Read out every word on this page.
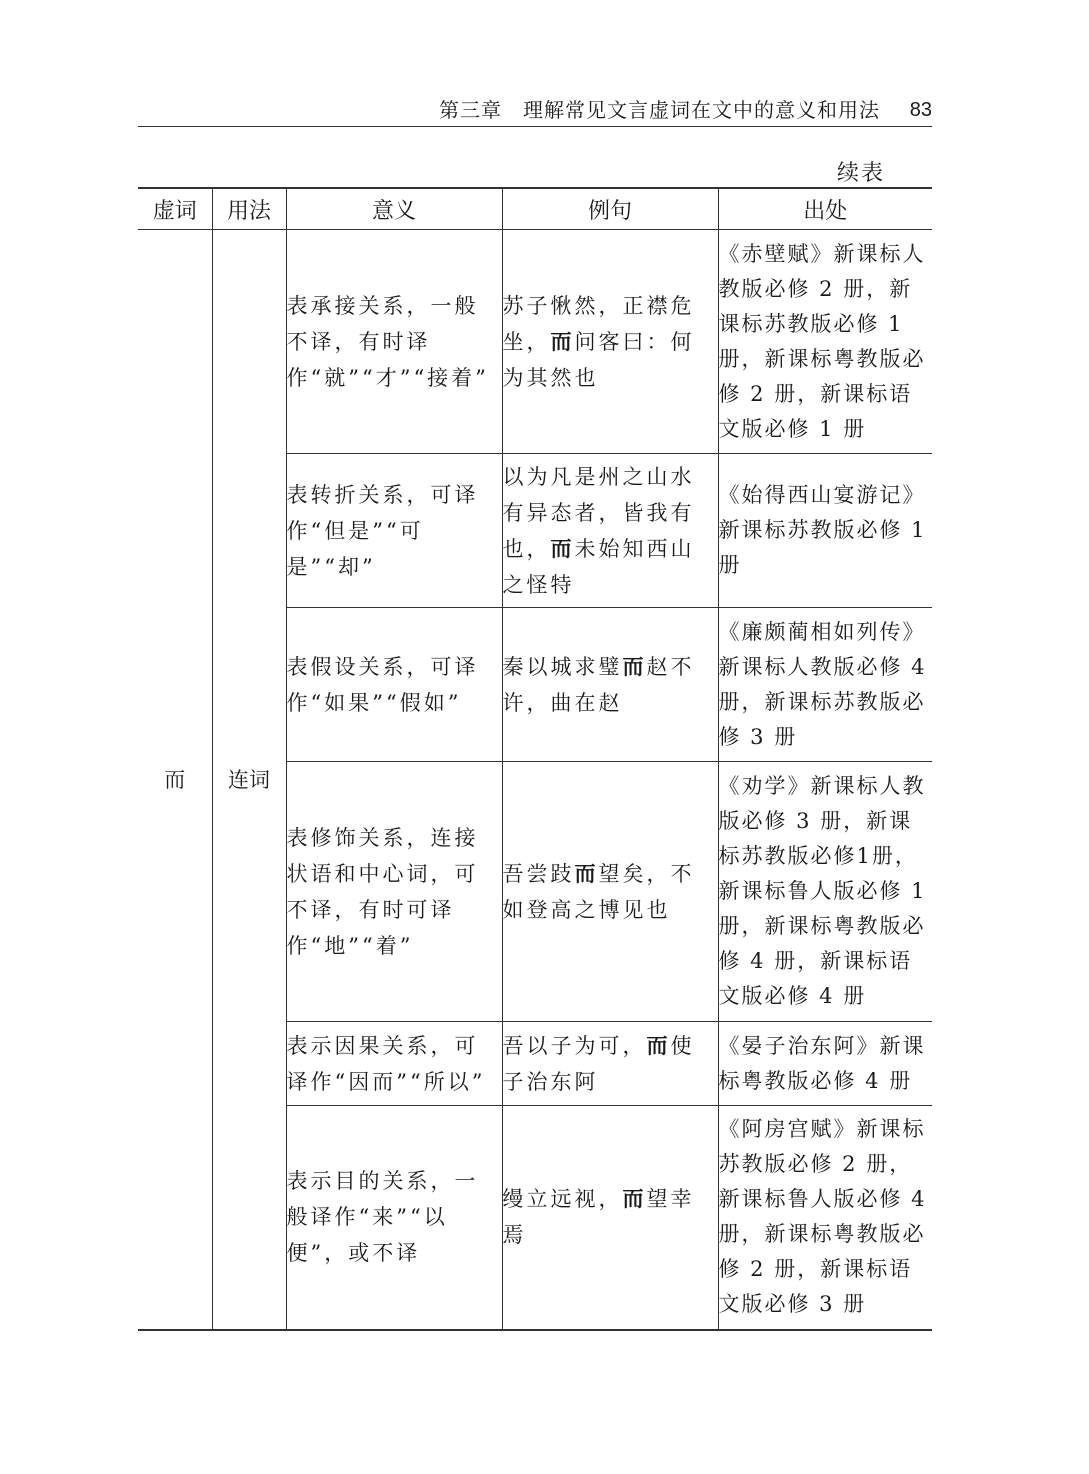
第三章　理解常见文言虚词在文中的意义和用法 83
续表
虚词	用法	意义	例句	出处
而	连词	表承接关系，一般不译，有时译作“就”“才”“接着”	苏子愀然，正襟危坐，而问客曰：何为其然也	《赤壁赋》新课标人教版必修 2 册，新课标苏教版必修 1 册，新课标粤教版必修 2 册，新课标语文版必修 1 册
		表转折关系，可译作“但是”“可是”“却”	以为凡是州之山水有异态者，皆我有也，而未始知西山之怪特	《始得西山宴游记》新课标苏教版必修 1 册
		表假设关系，可译作“如果”“假如”	秦以城求璧而赵不许，曲在赵	《廉颇蔺相如列传》新课标人教版必修 4 册，新课标苏教版必修 3 册
		表修饰关系，连接状语和中心词，可不译，有时可译作“地”“着”	吾尝跂而望矣，不如登高之博见也	《劝学》新课标人教版必修 3 册，新课标苏教版必修1册，新课标鲁人版必修 1 册，新课标粤教版必修 4 册，新课标语文版必修 4 册
		表示因果关系，可译作“因而”“所以”	吾以子为可，而使子治东阿	《晏子治东阿》新课标粤教版必修 4 册
		表示目的关系，一般译作“来”“以便”，或不译	缦立远视，而望幸焉	《阿房宫赋》新课标苏教版必修 2 册，新课标鲁人版必修 4 册，新课标粤教版必修 2 册，新课标语文版必修 3 册
